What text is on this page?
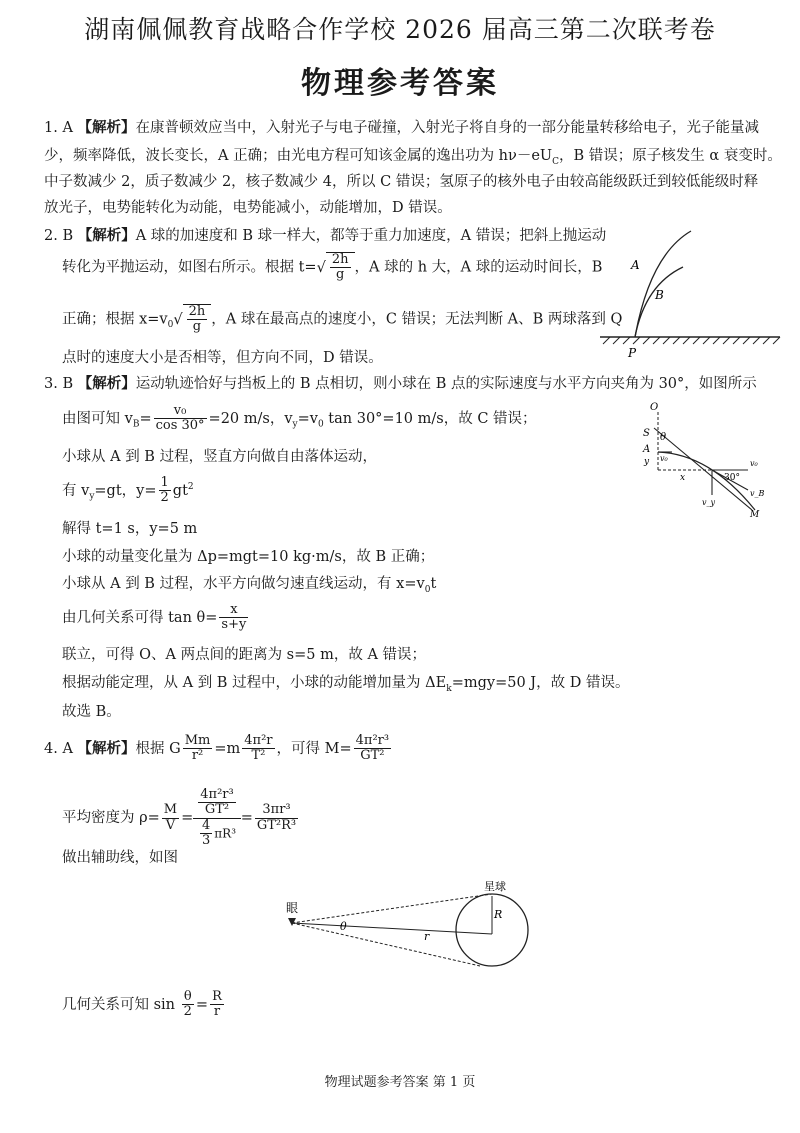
湖南佩佩教育战略合作学校 2026 届高三第二次联考卷
物理参考答案
1. A 【解析】在康普顿效应当中，入射光子与电子碰撞，入射光子将自身的一部分能量转移给电子，光子能量减
少，频率降低，波长变长，A 正确；由光电方程可知该金属的逸出功为 $h\nu-eU_C$，B 错误；原子核发生 α 衰变时。
中子数减少 2，质子数减少 2，核子数减少 4，所以 C 错误；氢原子的核外电子由较高能级跃迁到较低能级时释
放光子，电势能转化为动能，电势能减小，动能增加，D 错误。
2. B 【解析】A 球的加速度和 B 球一样大，都等于重力加速度，A 错误；把斜上抛运动
转化为平抛运动，如图右所示。根据 $t=√ \frac{2h}{g}$ ，A 球的 h 大，A 球的运动时间长，B
正确；根据 $x=v_0√ \frac{2h}{g}$ ，A 球在最高点的速度小，C 错误；无法判断 A、B 两球落到 Q
点时的速度大小是否相等，但方向不同，D 错误。
A
B
P
3. B 【解析】运动轨迹恰好与挡板上的 B 点相切，则小球在 B 点的实际速度与水平方向夹角为 30°，如图所示
由图可知 $v_B= \frac{\text{v₀}}{\cos 30^\circ} =20$ m/s，$v_y=v_0$ tan 30°=10 m/s，故 C 错误；
小球从 A 到 B 过程，竖直方向做自由落体运动，
有 $v_y=gt$，$y= \frac{1}{2} gt^2$
解得 t=1 s，y=5 m
小球的动量变化量为 Δp=mgt=10 kg·m/s，故 B 正确；
小球从 A 到 B 过程，水平方向做匀速直线运动，有 $x=v_0t$
由几何关系可得 $\tan \theta= \frac{x}{s+y}$
联立，可得 O、A 两点间的距离为 s=5 m，故 A 错误；
根据动能定理，从 A 到 B 过程中，小球的动能增加量为 $\Delta E_k=mgy=50$ J，故 D 错误。
故选 B。
O
S
A
y
θ
v₀
x
v₀
30°
v_y
v_B
M
4. A 【解析】根据 G $\frac{Mm}{\text{r²}} =m \frac{\text{4π²r}}{\text{T²}}$ ，可得 $M= \frac{\text{4π²r³}}{\text{GT²}}$
平均密度为 $\rho= \frac{M}{V} = \frac{\frac{\text{4π²r³}}{\text{GT²}}}{\frac{4}{3} \pi R^3} = \frac{\text{3πr³}}{\text{GT²R³}}$
做出辅助线，如图
眼
星球
θ
R
r
几何关系可知 $\sin \frac{\theta}{2} = \frac{R}{r}$
物理试题参考答案 第 1 页
